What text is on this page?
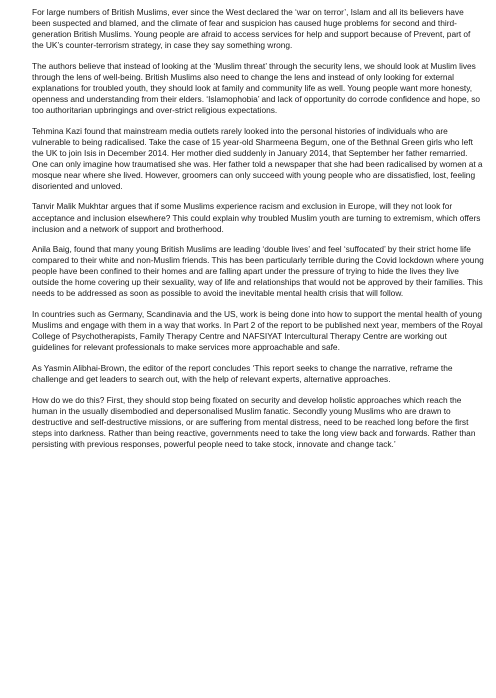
For large numbers of British Muslims, ever since the West declared the ‘war on terror’, Islam and all its believers have been suspected and blamed, and the climate of fear and suspicion has caused huge problems for second and third-generation British Muslims. Young people are afraid to access services for help and support because of Prevent, part of the UK’s counter-terrorism strategy, in case they say something wrong.

The authors believe that instead of looking at the ‘Muslim threat’ through the security lens, we should look at Muslim lives through the lens of well-being. British Muslims also need to change the lens and instead of only looking for external explanations for troubled youth, they should look at family and community life as well. Young people want more honesty, openness and understanding from their elders. ‘Islamophobia’ and lack of opportunity do corrode confidence and hope, so too authoritarian upbringings and over-strict religious expectations.

Tehmina Kazi found that mainstream media outlets rarely looked into the personal histories of individuals who are vulnerable to being radicalised. Take the case of 15 year-old Sharmeena Begum, one of the Bethnal Green girls who left the UK to join Isis in December 2014. Her mother died suddenly in January 2014, that September her father remarried. One can only imagine how traumatised she was. Her father told a newspaper that she had been radicalised by women at a mosque near where she lived. However, groomers can only succeed with young people who are dissatisfied, lost, feeling disoriented and unloved.

Tanvir Malik Mukhtar argues that if some Muslims experience racism and exclusion in Europe, will they not look for acceptance and inclusion elsewhere? This could explain why troubled Muslim youth are turning to extremism, which offers inclusion and a network of support and brotherhood.

Anila Baig, found that many young British Muslims are leading ‘double lives’ and feel ‘suffocated’ by their strict home life compared to their white and non-Muslim friends. This has been particularly terrible during the Covid lockdown where young people have been confined to their homes and are falling apart under the pressure of trying to hide the lives they live outside the home covering up their sexuality, way of life and relationships that would not be approved by their families. This needs to be addressed as soon as possible to avoid the inevitable mental health crisis that will follow.

In countries such as Germany, Scandinavia and the US, work is being done into how to support the mental health of young Muslims and engage with them in a way that works. In Part 2 of the report to be published next year, members of the Royal College of Psychotherapists, Family Therapy Centre and NAFSIYAT Intercultural Therapy Centre are working out guidelines for relevant professionals to make services more approachable and safe.

As Yasmin Alibhai-Brown, the editor of the report concludes ‘This report seeks to change the narrative, reframe the challenge and get leaders to search out, with the help of relevant experts, alternative approaches.

How do we do this? First, they should stop being fixated on security and develop holistic approaches which reach the human in the usually disembodied and depersonalised Muslim fanatic. Secondly young Muslims who are drawn to destructive and self-destructive missions, or are suffering from mental distress, need to be reached long before the first steps into darkness. Rather than being reactive, governments need to take the long view back and forwards. Rather than persisting with previous responses, powerful people need to take stock, innovate and change tack.’
